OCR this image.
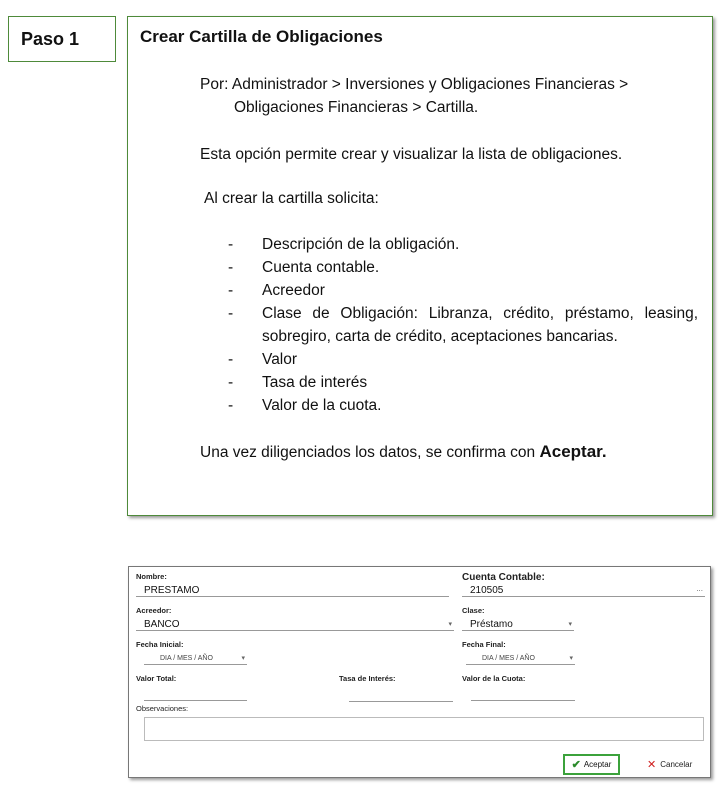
Paso 1	Crear Cartilla de Obligaciones
Por: Administrador > Inversiones y Obligaciones Financieras >
Obligaciones Financieras > Cartilla.
Esta opción permite crear y visualizar la lista de obligaciones.
Al crear la cartilla solicita:
- Descripción de la obligación.
- Cuenta contable.
- Acreedor
- Clase de Obligación: Libranza, crédito, préstamo, leasing, sobregiro, carta de crédito, aceptaciones bancarias.
- Valor
- Tasa de interés
- Valor de la cuota.
Una vez diligenciados los datos, se confirma con Aceptar.
Nombre:
PRESTAMO
Cuenta Contable:
210505	...
Acreedor:
BANCO	▾
Clase:
Préstamo	▾
Fecha Inicial:
DIA / MES / AÑO	▾
Fecha Final:
DIA / MES / AÑO	▾
Valor Total:	Tasa de Interés:	Valor de la Cuota:
Observaciones:
✔ Aceptar	✕ Cancelar
